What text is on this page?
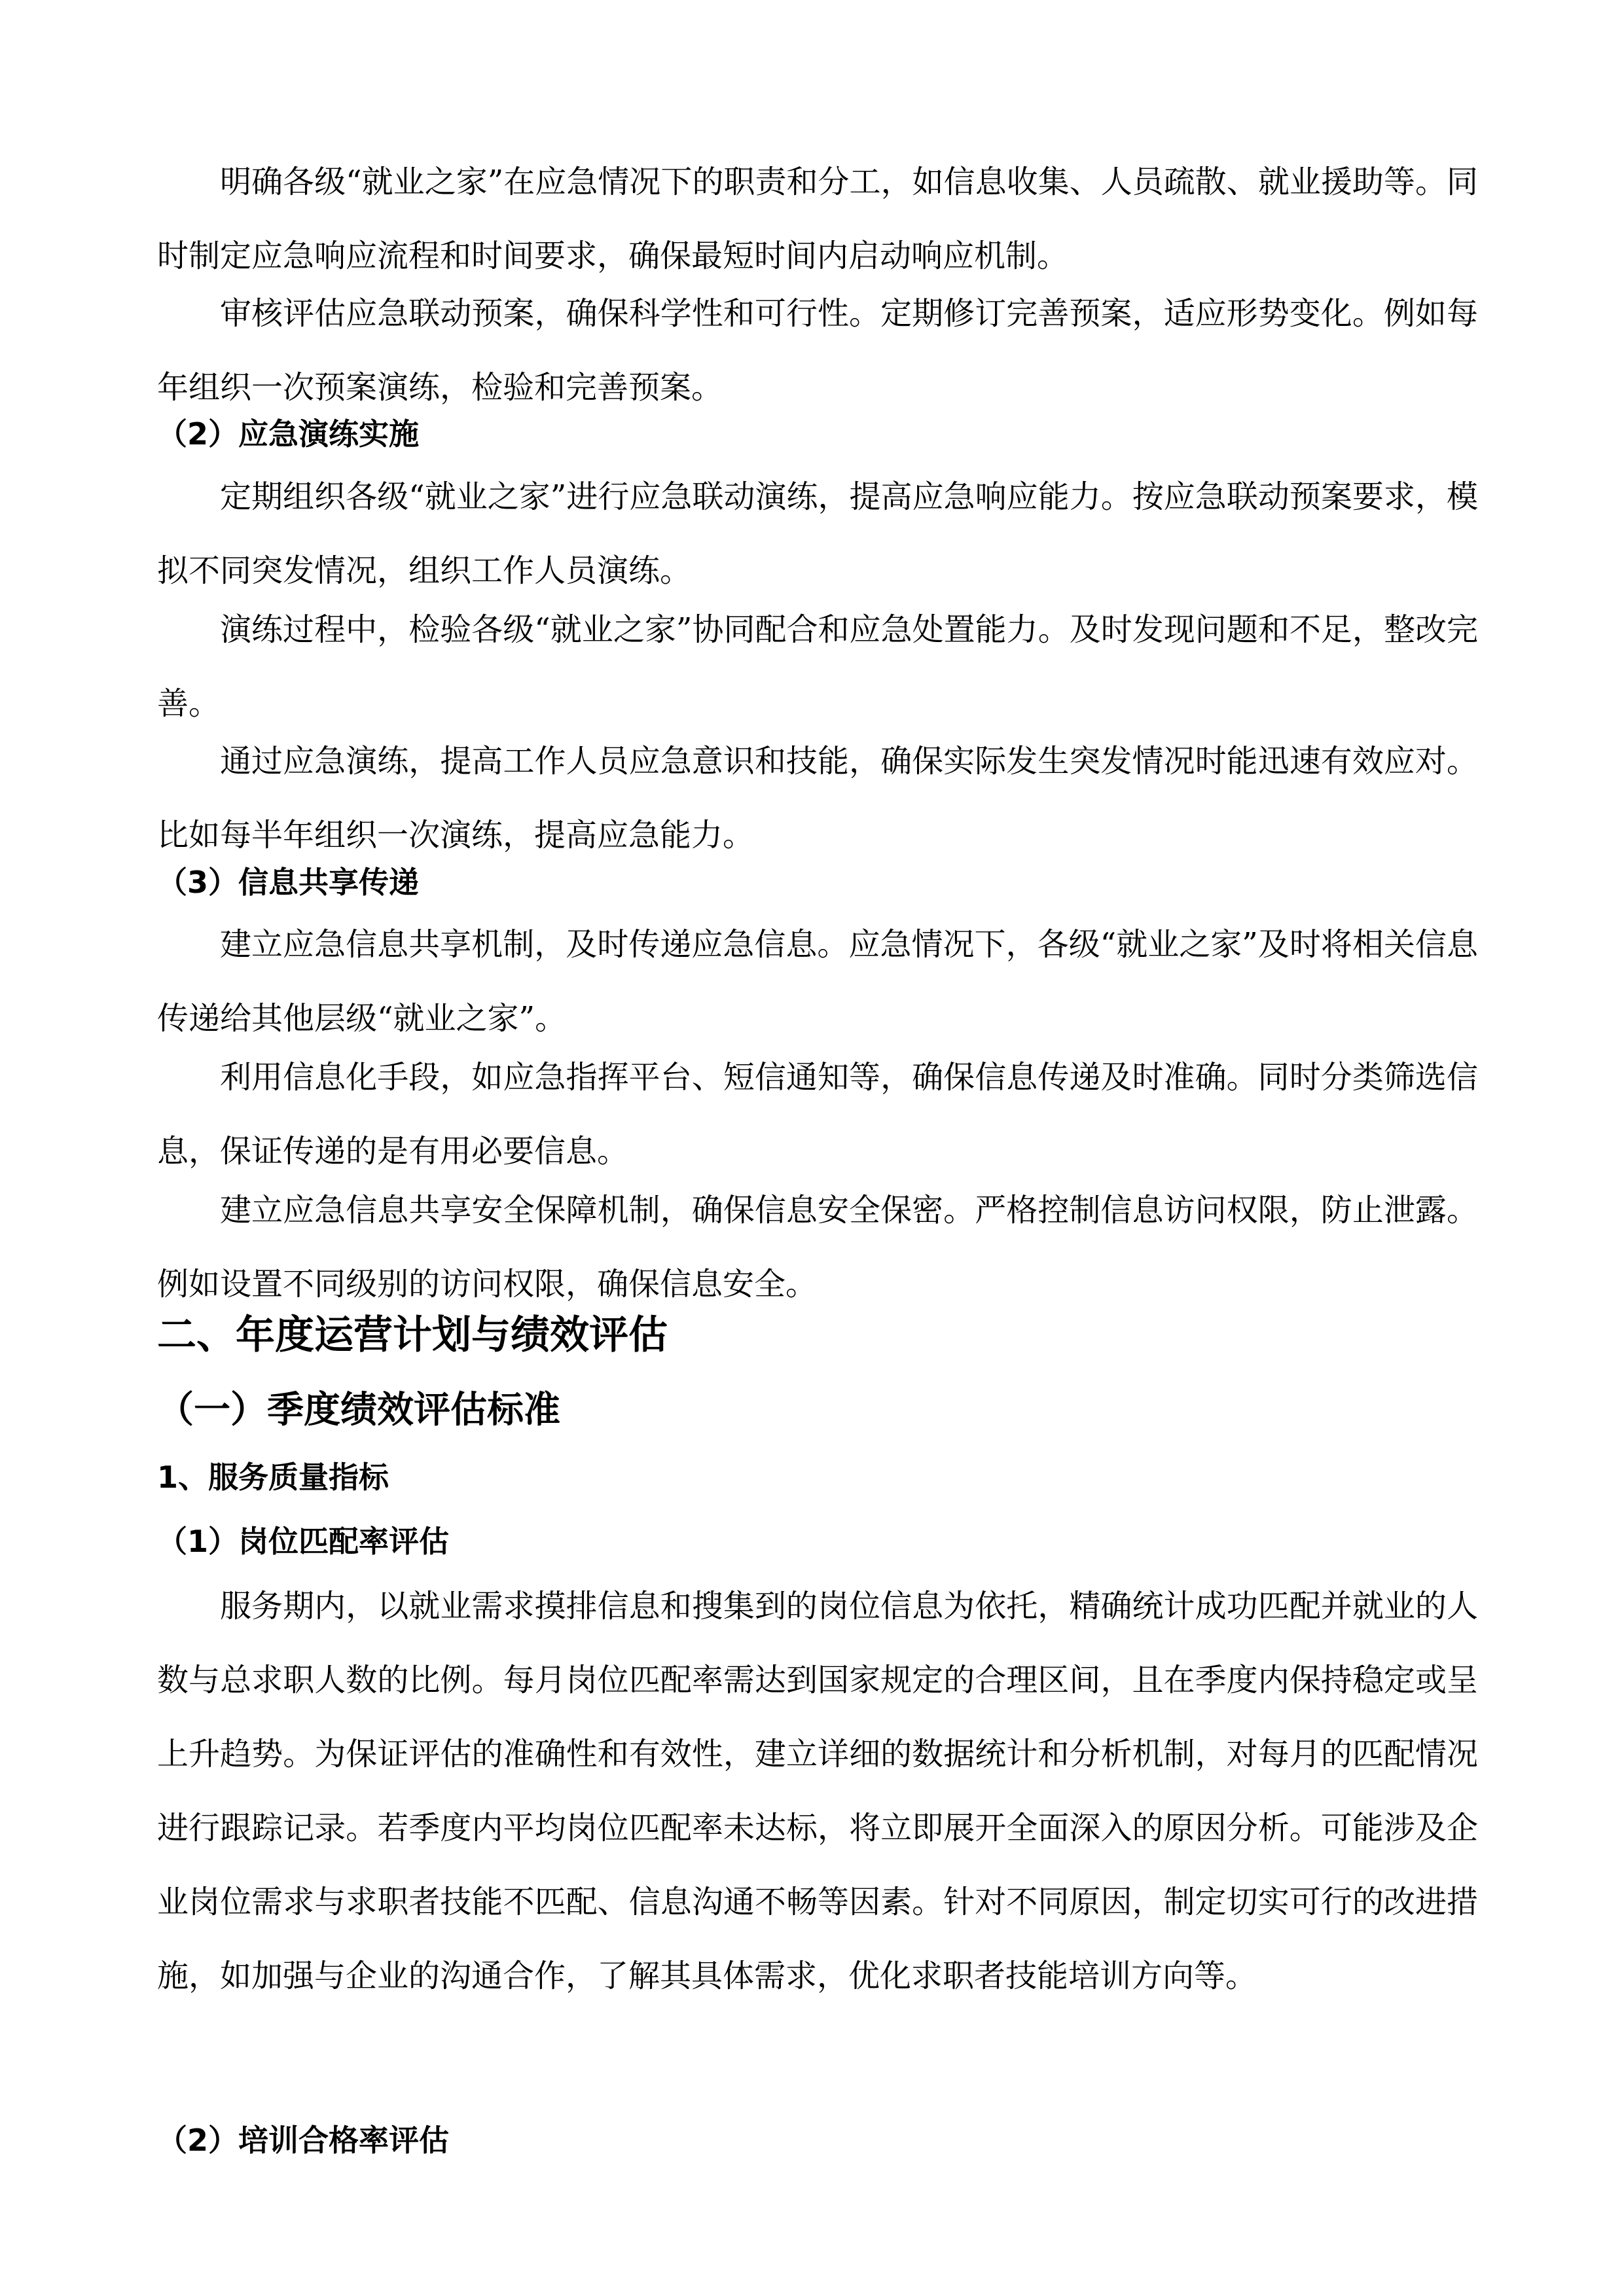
明确各级“就业之家”在应急情况下的职责和分工，如信息收集、人员疏散、就业援助等。同时制定应急响应流程和时间要求，确保最短时间内启动响应机制。

审核评估应急联动预案，确保科学性和可行性。定期修订完善预案，适应形势变化。例如每年组织一次预案演练，检验和完善预案。

（2）应急演练实施

定期组织各级“就业之家”进行应急联动演练，提高应急响应能力。按应急联动预案要求，模拟不同突发情况，组织工作人员演练。

演练过程中，检验各级“就业之家”协同配合和应急处置能力。及时发现问题和不足，整改完善。

通过应急演练，提高工作人员应急意识和技能，确保实际发生突发情况时能迅速有效应对。比如每半年组织一次演练，提高应急能力。

（3）信息共享传递

建立应急信息共享机制，及时传递应急信息。应急情况下，各级“就业之家”及时将相关信息传递给其他层级“就业之家”。

利用信息化手段，如应急指挥平台、短信通知等，确保信息传递及时准确。同时分类筛选信息，保证传递的是有用必要信息。

建立应急信息共享安全保障机制，确保信息安全保密。严格控制信息访问权限，防止泄露。例如设置不同级别的访问权限，确保信息安全。

二、年度运营计划与绩效评估

（一）季度绩效评估标准

1、服务质量指标

（1）岗位匹配率评估

服务期内，以就业需求摸排信息和搜集到的岗位信息为依托，精确统计成功匹配并就业的人数与总求职人数的比例。每月岗位匹配率需达到国家规定的合理区间，且在季度内保持稳定或呈上升趋势。为保证评估的准确性和有效性，建立详细的数据统计和分析机制，对每月的匹配情况进行跟踪记录。若季度内平均岗位匹配率未达标，将立即展开全面深入的原因分析。可能涉及企业岗位需求与求职者技能不匹配、信息沟通不畅等因素。针对不同原因，制定切实可行的改进措施，如加强与企业的沟通合作，了解其具体需求，优化求职者技能培训方向等。

（2）培训合格率评估
